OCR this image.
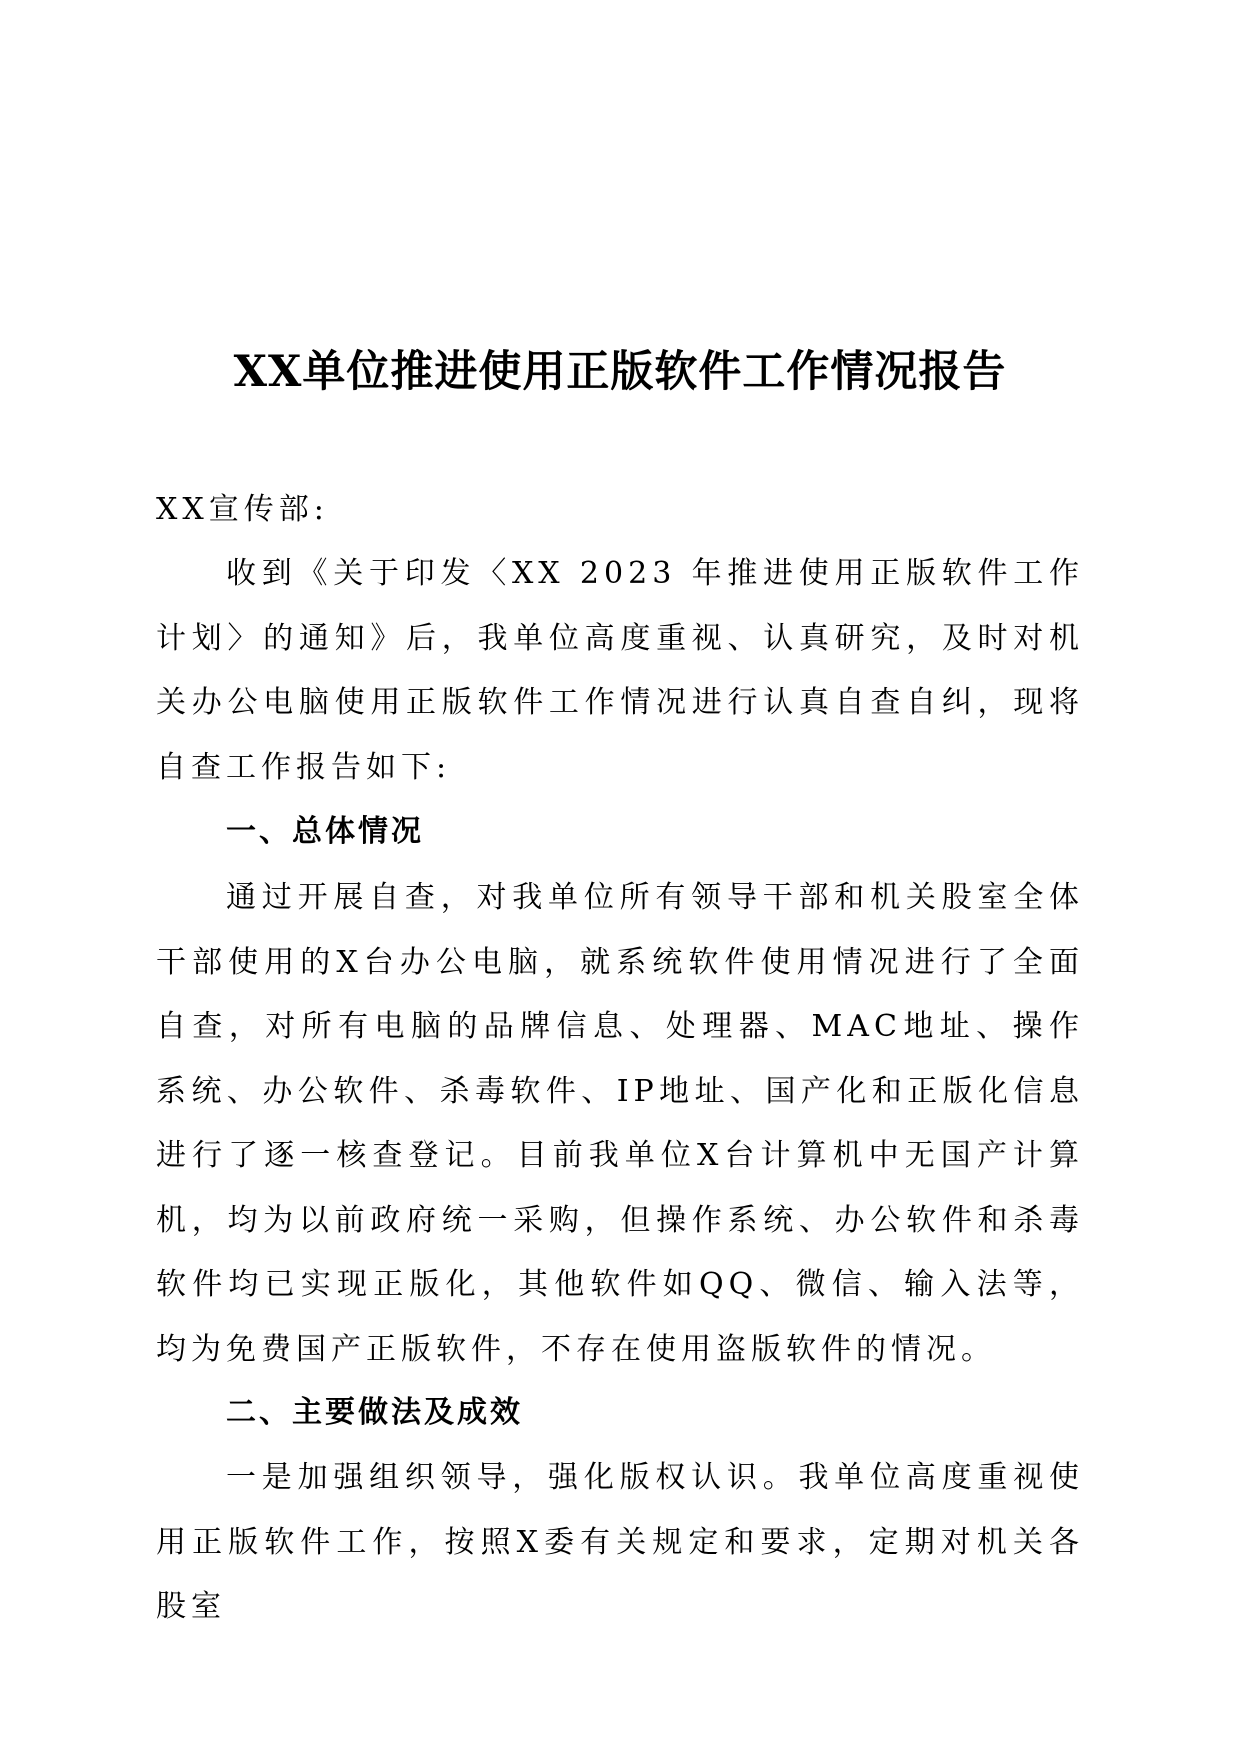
XX单位推进使用正版软件工作情况报告

XX宣传部:

收到《关于印发〈XX 2023 年推进使用正版软件工作计划〉的通知》后，我单位高度重视、认真研究，及时对机关办公电脑使用正版软件工作情况进行认真自查自纠，现将自查工作报告如下:

一、总体情况

通过开展自查，对我单位所有领导干部和机关股室全体干部使用的X台办公电脑，就系统软件使用情况进行了全面自查，对所有电脑的品牌信息、处理器、MAC地址、操作系统、办公软件、杀毒软件、IP地址、国产化和正版化信息进行了逐一核查登记。目前我单位X台计算机中无国产计算机，均为以前政府统一采购，但操作系统、办公软件和杀毒软件均已实现正版化，其他软件如QQ、微信、输入法等，均为免费国产正版软件，不存在使用盗版软件的情况。

二、主要做法及成效

一是加强组织领导，强化版权认识。我单位高度重视使用正版软件工作，按照X委有关规定和要求，定期对机关各股室
